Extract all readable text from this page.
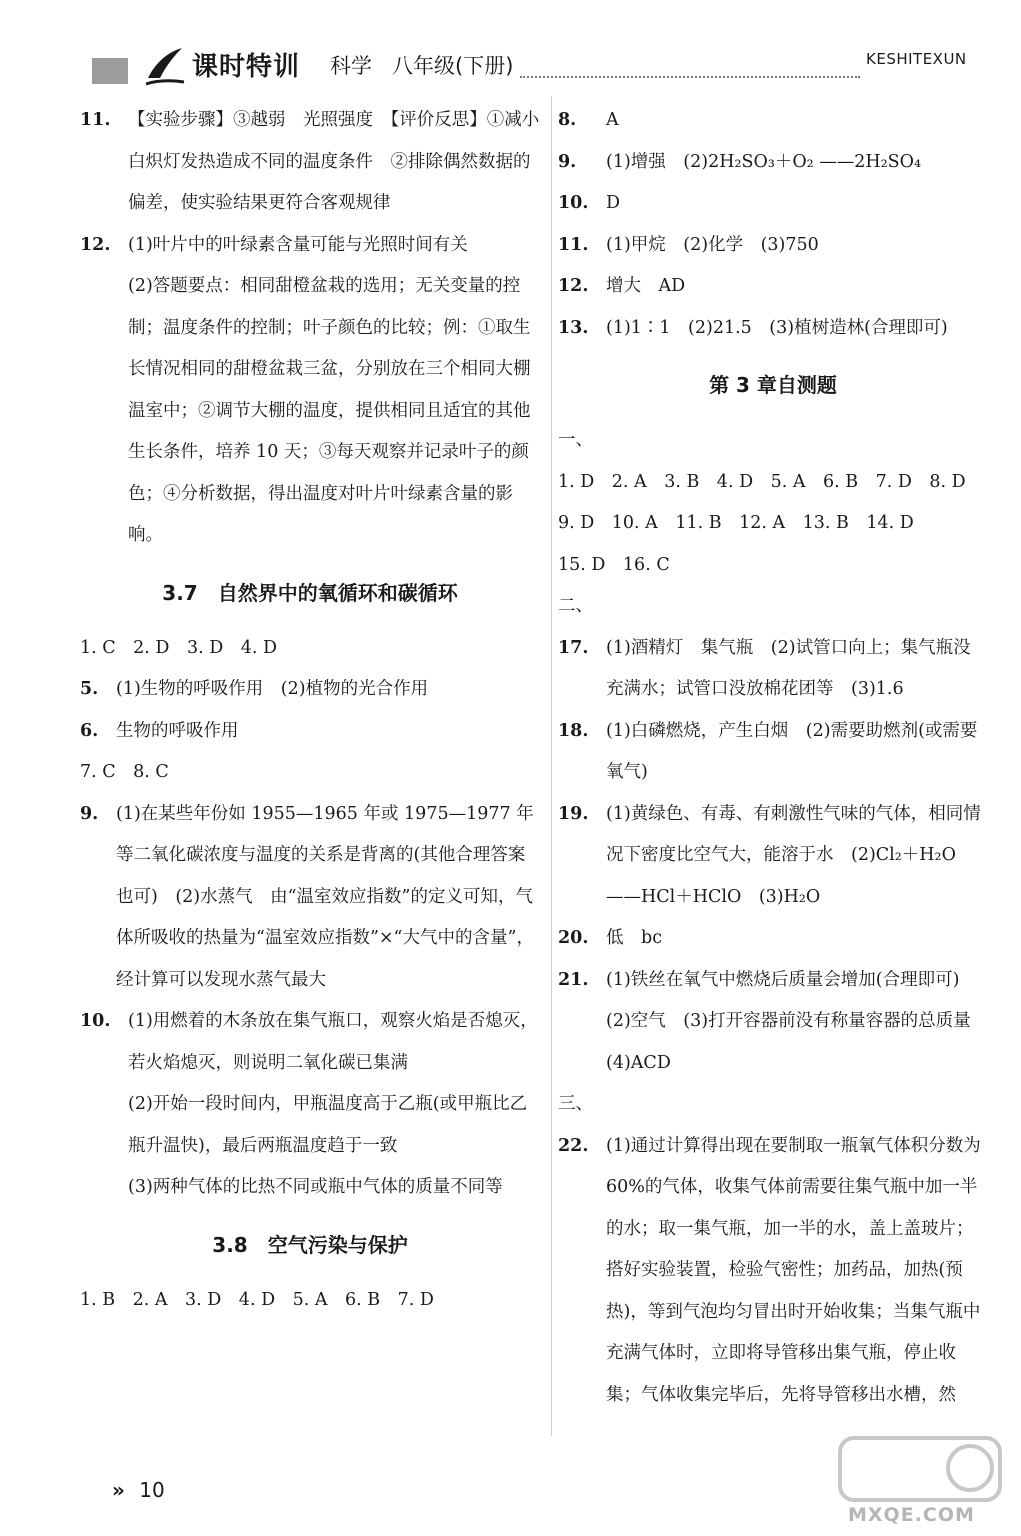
课时特训 科学 八年级(下册)	KESHITEXUN
11.	【实验步骤】③越弱　光照强度　【评价反思】①减小白炽灯发热造成不同的温度条件　②排除偶然数据的偏差，使实验结果更符合客观规律
12.	(1)叶片中的叶绿素含量可能与光照时间有关
(2)答题要点：相同甜橙盆栽的选用；无关变量的控制；温度条件的控制；叶子颜色的比较；例：①取生长情况相同的甜橙盆栽三盆，分别放在三个相同大棚温室中；②调节大棚的温度，提供相同且适宜的其他生长条件，培养 10 天；③每天观察并记录叶子的颜色；④分析数据，得出温度对叶片叶绿素含量的影响。
3.7　自然界中的氧循环和碳循环
1. C　2. D　3. D　4. D
5.	(1)生物的呼吸作用　(2)植物的光合作用
6.	生物的呼吸作用
7. C　8. C
9.	(1)在某些年份如 1955—1965 年或 1975—1977 年等二氧化碳浓度与温度的关系是背离的(其他合理答案也可)　(2)水蒸气　由“温室效应指数”的定义可知，气体所吸收的热量为“温室效应指数”×“大气中的含量”，经计算可以发现水蒸气最大
10.	(1)用燃着的木条放在集气瓶口，观察火焰是否熄灭，若火焰熄灭，则说明二氧化碳已集满
(2)开始一段时间内，甲瓶温度高于乙瓶(或甲瓶比乙瓶升温快)，最后两瓶温度趋于一致
(3)两种气体的比热不同或瓶中气体的质量不同等
3.8　空气污染与保护
1. B　2. A　3. D　4. D　5. A　6. B　7. D
8.	A
9.	(1)增强　(2)2H₂SO₃＋O₂ ——2H₂SO₄
10.	D
11.	(1)甲烷　(2)化学　(3)750
12.	增大　AD
13.	(1)1∶1　(2)21.5　(3)植树造林(合理即可)
第 3 章自测题
一、
1. D　2. A　3. B　4. D　5. A　6. B　7. D　8. D　9. D　10. A　11. B　12. A　13. B　14. D
15. D　16. C
二、
17.	(1)酒精灯　集气瓶　(2)试管口向上；集气瓶没充满水；试管口没放棉花团等　(3)1.6
18.	(1)白磷燃烧，产生白烟　(2)需要助燃剂(或需要氧气)
19.	(1)黄绿色、有毒、有刺激性气味的气体，相同情况下密度比空气大，能溶于水　(2)Cl₂＋H₂O——HCl＋HClO　(3)H₂O
20.	低　bc
21.	(1)铁丝在氧气中燃烧后质量会增加(合理即可)　(2)空气　(3)打开容器前没有称量容器的总质量　(4)ACD
三、
22.	(1)通过计算得出现在要制取一瓶氧气体积分数为 60%的气体，收集气体前需要往集气瓶中加一半的水；取一集气瓶，加一半的水，盖上盖玻片；搭好实验装置，检验气密性；加药品，加热(预热)，等到气泡均匀冒出时开始收集；当集气瓶中充满气体时，立即将导管移出集气瓶，停止收集；气体收集完毕后，先将导管移出水槽，然
» 10
MXQE.COM
